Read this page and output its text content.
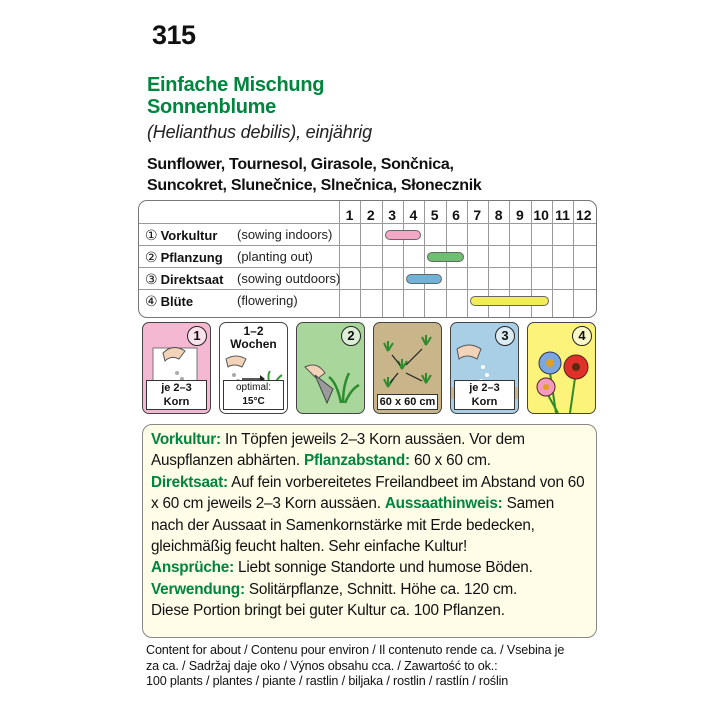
315
Einfache Mischung
Sonnenblume
(Helianthus debilis), einjährig
Sunflower, Tournesol, Girasole, Sončnica,
Suncokret, Slunečnice, Slnečnica, Słonecznik
1 2 3 4 5 6 7 8 9 10 11 12
① Vorkultur (sowing indoors)
② Pflanzung (planting out)
③ Direktsaat (sowing outdoors)
④ Blüte	(flowering)
1
je 2–3 Korn
1–2
Wochen
optimal: 15°C
2
60 x 60 cm
3
je 2–3 Korn
4
Vorkultur: In Töpfen jeweils 2–3 Korn aussäen. Vor dem Auspflanzen abhärten. Pflanzabstand: 60 x 60 cm.
Direktsaat: Auf fein vorbereitetes Freilandbeet im Abstand von 60 x 60 cm jeweils 2–3 Korn aussäen. Aussaathinweis: Samen nach der Aussaat in Samenkornstärke mit Erde bedecken, gleichmäßig feucht halten. Sehr einfache Kultur!
Ansprüche: Liebt sonnige Standorte und humose Böden.
Verwendung: Solitärpflanze, Schnitt. Höhe ca. 120 cm.
Diese Portion bringt bei guter Kultur ca. 100 Pflanzen.
Content for about / Contenu pour environ / Il contenuto rende ca. / Vsebina je
za ca. / Sadržaj daje oko / Výnos obsahu cca. / Zawartość to ok.:
100 plants / plantes / piante / rastlin / biljaka / rostlin / rastlín / roślin
